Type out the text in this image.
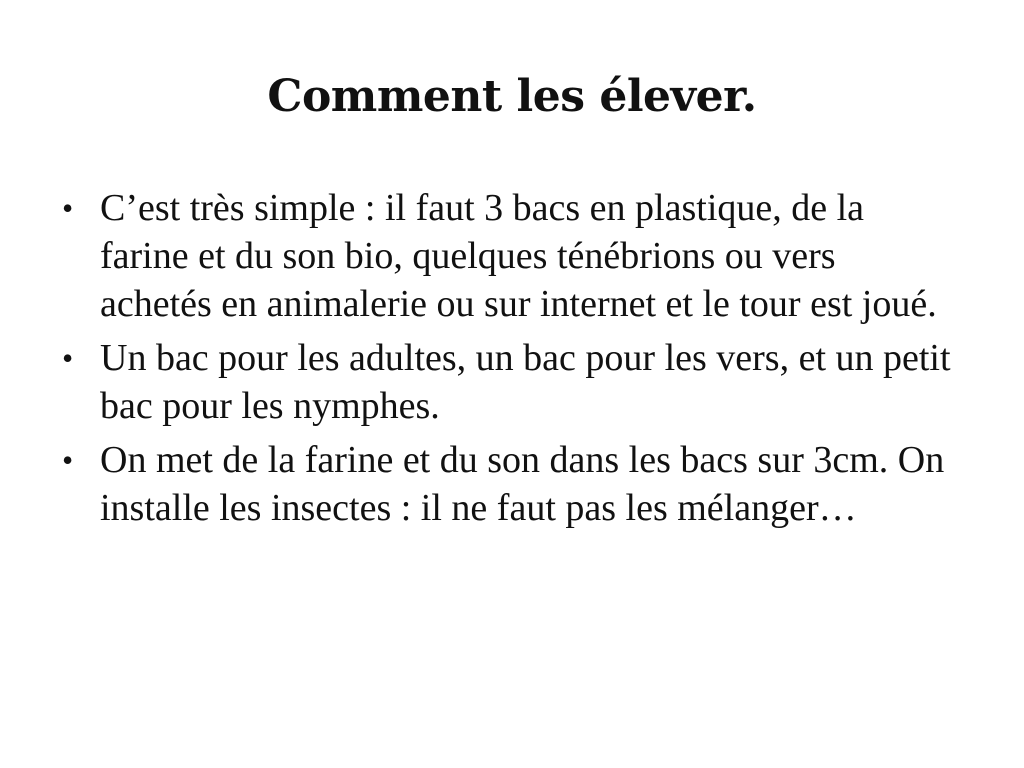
Comment les élever.
• C’est très simple : il faut 3 bacs en plastique, de la farine et du son bio, quelques ténébrions ou vers achetés en animalerie ou sur internet et le tour est joué.
• Un bac pour les adultes, un bac pour les vers, et un petit bac pour les nymphes.
• On met de la farine et du son dans les bacs sur 3cm. On installe les insectes : il ne faut pas les mélanger…
